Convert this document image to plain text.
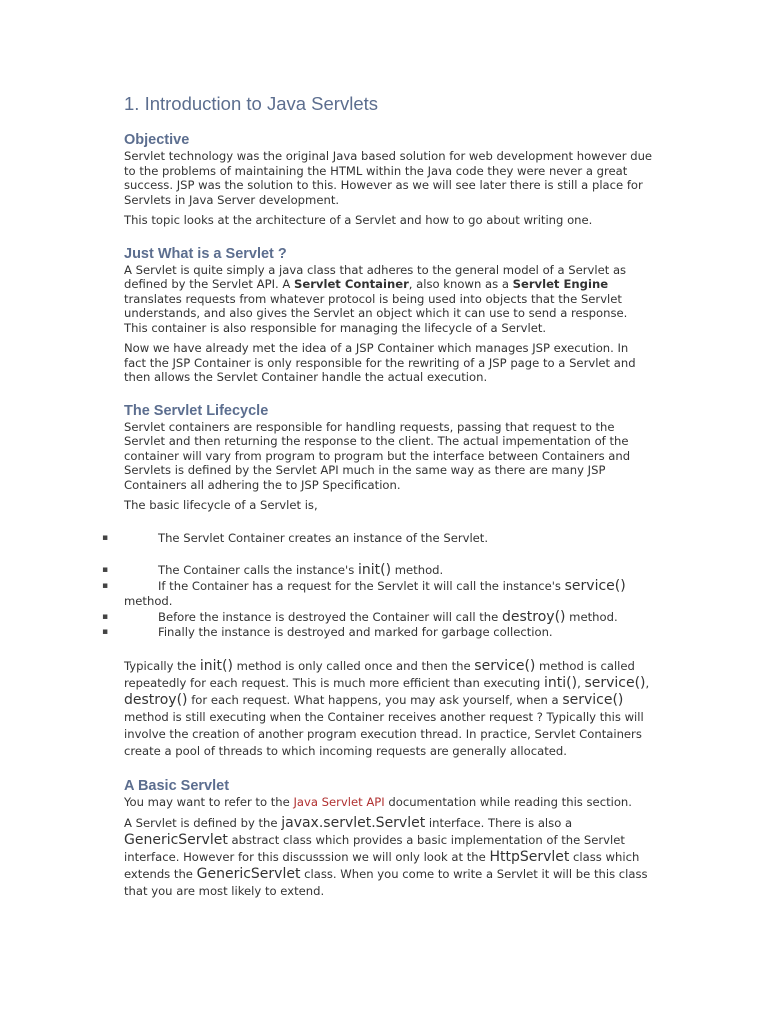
1. Introduction to Java Servlets
Objective

Servlet technology was the original Java based solution for web development however due to the problems of maintaining the HTML within the Java code they were never a great success. JSP was the solution to this. However as we will see later there is still a place for Servlets in Java Server development.

This topic looks at the architecture of a Servlet and how to go about writing one.

Just What is a Servlet ?

A Servlet is quite simply a java class that adheres to the general model of a Servlet as defined by the Servlet API. A Servlet Container, also known as a Servlet Engine translates requests from whatever protocol is being used into objects that the Servlet understands, and also gives the Servlet an object which it can use to send a response. This container is also responsible for managing the lifecycle of a Servlet.

Now we have already met the idea of a JSP Container which manages JSP execution. In fact the JSP Container is only responsible for the rewriting of a JSP page to a Servlet and then allows the Servlet Container handle the actual execution.

The Servlet Lifecycle

Servlet containers are responsible for handling requests, passing that request to the Servlet and then returning the response to the client. The actual impementation of the container will vary from program to program but the interface between Containers and Servlets is defined by the Servlet API much in the same way as there are many JSP Containers all adhering the to JSP Specification.

The basic lifecycle of a Servlet is,

▪	The Servlet Container creates an instance of the Servlet.
▪	The Container calls the instance's init() method.
▪	If the Container has a request for the Servlet it will call the instance's service()
method.
▪	Before the instance is destroyed the Container will call the destroy() method.
▪	Finally the instance is destroyed and marked for garbage collection.

Typically the init() method is only called once and then the service() method is called repeatedly for each request. This is much more efficient than executing inti(), service(), destroy() for each request. What happens, you may ask yourself, when a service() method is still executing when the Container receives another request ? Typically this will involve the creation of another program execution thread. In practice, Servlet Containers create a pool of threads to which incoming requests are generally allocated.

A Basic Servlet

You may want to refer to the Java Servlet API documentation while reading this section.

A Servlet is defined by the javax.servlet.Servlet interface. There is also a GenericServlet abstract class which provides a basic implementation of the Servlet interface. However for this discusssion we will only look at the HttpServlet class which extends the GenericServlet class. When you come to write a Servlet it will be this class that you are most likely to extend.
